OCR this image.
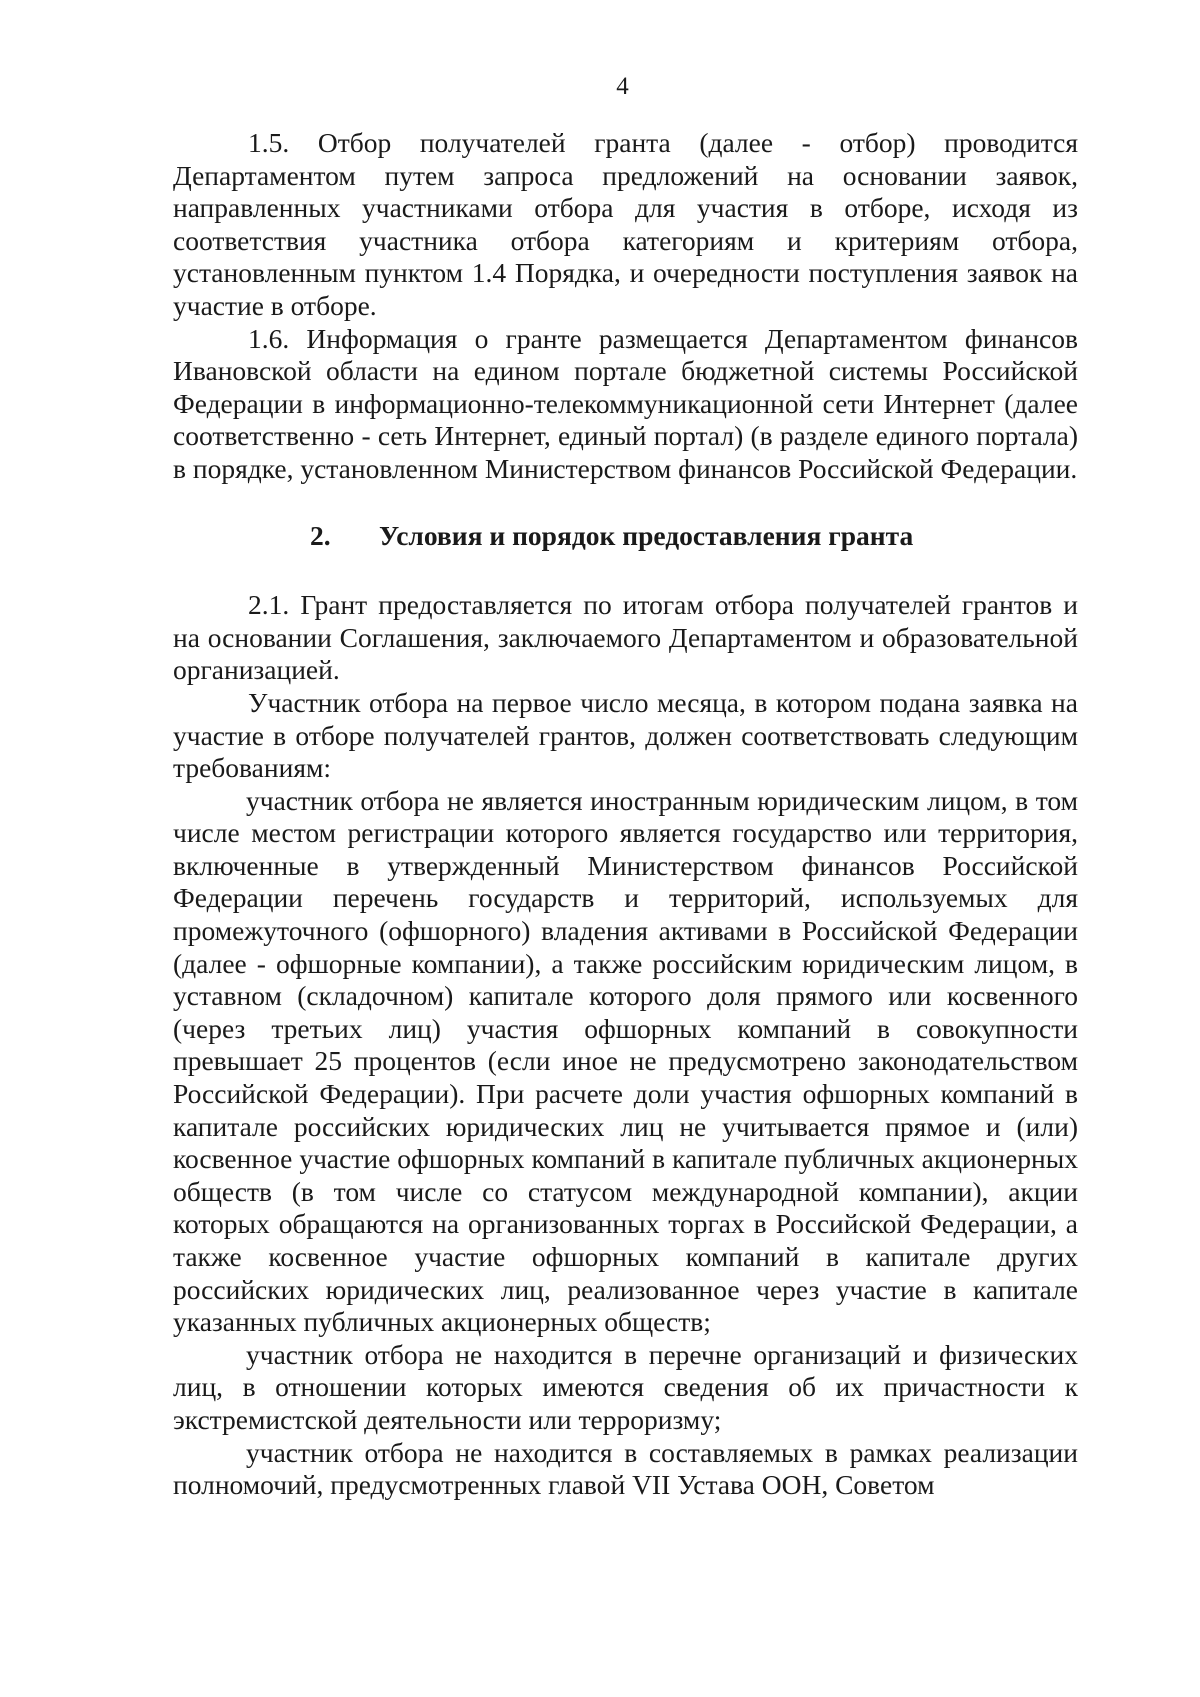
4

1.5. Отбор получателей гранта (далее - отбор) проводится Департаментом путем запроса предложений на основании заявок, направленных участниками отбора для участия в отборе, исходя из соответствия участника отбора категориям и критериям отбора, установленным пунктом 1.4 Порядка, и очередности поступления заявок на участие в отборе.

1.6. Информация о гранте размещается Департаментом финансов Ивановской области на едином портале бюджетной системы Российской Федерации в информационно-телекоммуникационной сети Интернет (далее соответственно - сеть Интернет, единый портал) (в разделе единого портала) в порядке, установленном Министерством финансов Российской Федерации.

2. Условия и порядок предоставления гранта

2.1. Грант предоставляется по итогам отбора получателей грантов и на основании Соглашения, заключаемого Департаментом и образовательной организацией.

Участник отбора на первое число месяца, в котором подана заявка на участие в отборе получателей грантов, должен соответствовать следующим требованиям:

участник отбора не является иностранным юридическим лицом, в том числе местом регистрации которого является государство или территория, включенные в утвержденный Министерством финансов Российской Федерации перечень государств и территорий, используемых для промежуточного (офшорного) владения активами в Российской Федерации (далее - офшорные компании), а также российским юридическим лицом, в уставном (складочном) капитале которого доля прямого или косвенного (через третьих лиц) участия офшорных компаний в совокупности превышает 25 процентов (если иное не предусмотрено законодательством Российской Федерации). При расчете доли участия офшорных компаний в капитале российских юридических лиц не учитывается прямое и (или) косвенное участие офшорных компаний в капитале публичных акционерных обществ (в том числе со статусом международной компании), акции которых обращаются на организованных торгах в Российской Федерации, а также косвенное участие офшорных компаний в капитале других российских юридических лиц, реализованное через участие в капитале указанных публичных акционерных обществ;

участник отбора не находится в перечне организаций и физических лиц, в отношении которых имеются сведения об их причастности к экстремистской деятельности или терроризму;

участник отбора не находится в составляемых в рамках реализации полномочий, предусмотренных главой VII Устава ООН, Советом
